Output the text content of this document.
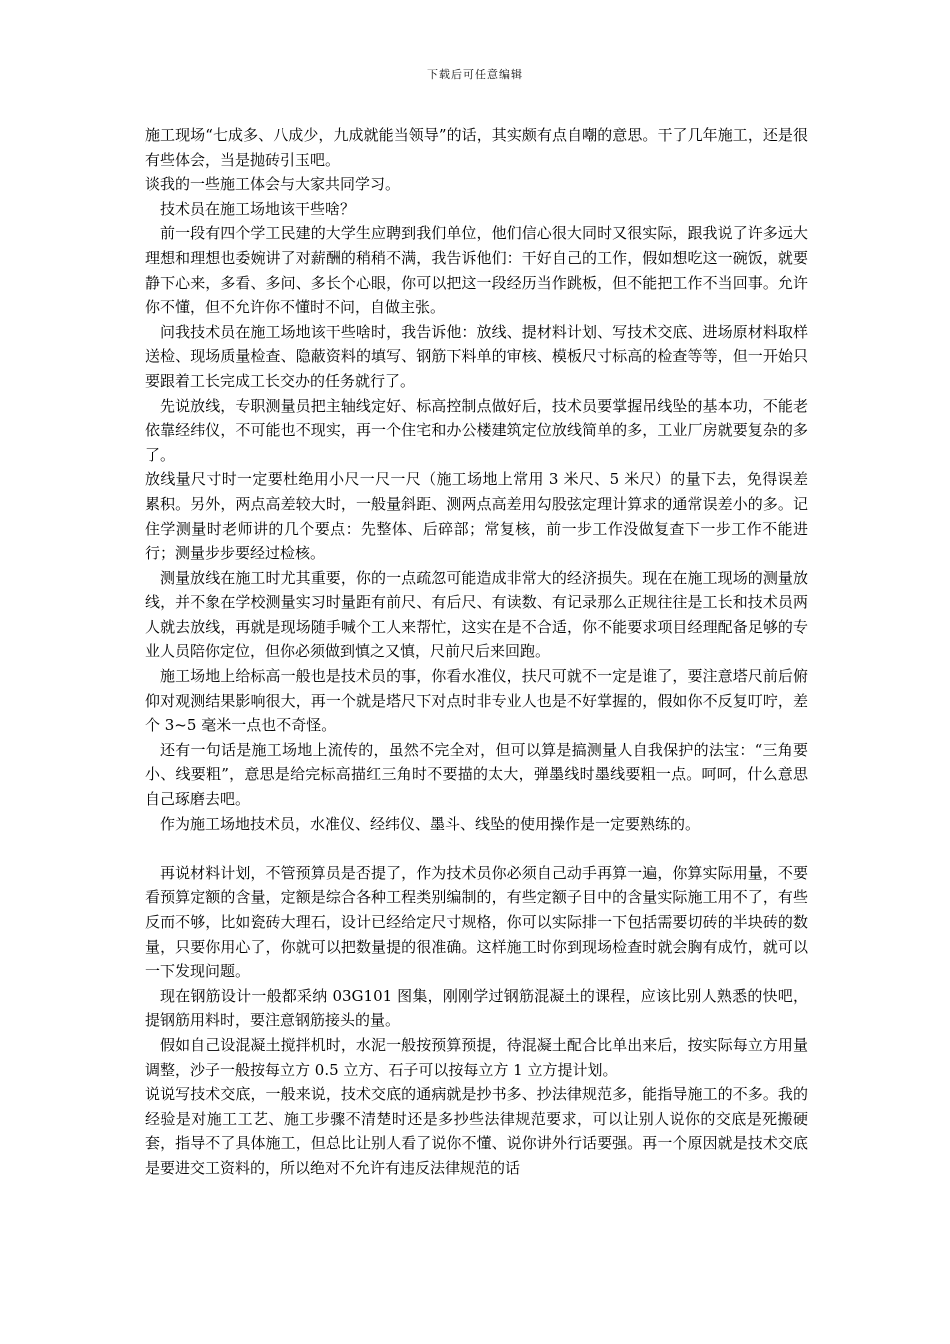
下载后可任意编辑

施工现场“七成多、八成少，九成就能当领导”的话，其实颇有点自嘲的意思。干了几年施工，还是很有些体会，当是抛砖引玉吧。

谈我的一些施工体会与大家共同学习。

技术员在施工场地该干些啥？

前一段有四个学工民建的大学生应聘到我们单位，他们信心很大同时又很实际，跟我说了许多远大理想和理想也委婉讲了对薪酬的稍稍不满，我告诉他们：干好自己的工作，假如想吃这一碗饭，就要静下心来，多看、多问、多长个心眼，你可以把这一段经历当作跳板，但不能把工作不当回事。允许你不懂，但不允许你不懂时不问，自做主张。

问我技术员在施工场地该干些啥时，我告诉他：放线、提材料计划、写技术交底、进场原材料取样送检、现场质量检查、隐蔽资料的填写、钢筋下料单的审核、模板尺寸标高的检查等等，但一开始只要跟着工长完成工长交办的任务就行了。

先说放线，专职测量员把主轴线定好、标高控制点做好后，技术员要掌握吊线坠的基本功，不能老依靠经纬仪，不可能也不现实，再一个住宅和办公楼建筑定位放线简单的多，工业厂房就要复杂的多了。

放线量尺寸时一定要杜绝用小尺一尺一尺（施工场地上常用 3 米尺、5 米尺）的量下去，免得误差累积。另外，两点高差较大时，一般量斜距、测两点高差用勾股弦定理计算求的通常误差小的多。记住学测量时老师讲的几个要点：先整体、后碎部；常复核，前一步工作没做复查下一步工作不能进行；测量步步要经过检核。

测量放线在施工时尤其重要，你的一点疏忽可能造成非常大的经济损失。现在在施工现场的测量放线，并不象在学校测量实习时量距有前尺、有后尺、有读数、有记录那么正规往往是工长和技术员两人就去放线，再就是现场随手喊个工人来帮忙，这实在是不合适，你不能要求项目经理配备足够的专业人员陪你定位，但你必须做到慎之又慎，尺前尺后来回跑。

施工场地上给标高一般也是技术员的事，你看水准仪，扶尺可就不一定是谁了，要注意塔尺前后俯仰对观测结果影响很大，再一个就是塔尺下对点时非专业人也是不好掌握的，假如你不反复叮咛，差个 3~5 毫米一点也不奇怪。

还有一句话是施工场地上流传的，虽然不完全对，但可以算是搞测量人自我保护的法宝：“三角要小、线要粗”，意思是给完标高描红三角时不要描的太大，弹墨线时墨线要粗一点。呵呵，什么意思自己琢磨去吧。

作为施工场地技术员，水准仪、经纬仪、墨斗、线坠的使用操作是一定要熟练的。

再说材料计划，不管预算员是否提了，作为技术员你必须自己动手再算一遍，你算实际用量，不要看预算定额的含量，定额是综合各种工程类别编制的，有些定额子目中的含量实际施工用不了，有些反而不够，比如瓷砖大理石，设计已经给定尺寸规格，你可以实际排一下包括需要切砖的半块砖的数量，只要你用心了，你就可以把数量提的很准确。这样施工时你到现场检查时就会胸有成竹，就可以一下发现问题。

现在钢筋设计一般都采纳 03G101 图集，刚刚学过钢筋混凝土的课程，应该比别人熟悉的快吧，提钢筋用料时，要注意钢筋接头的量。

假如自己设混凝土搅拌机时，水泥一般按预算预提，待混凝土配合比单出来后，按实际每立方用量调整，沙子一般按每立方 0.5 立方、石子可以按每立方 1 立方提计划。

说说写技术交底，一般来说，技术交底的通病就是抄书多、抄法律规范多，能指导施工的不多。我的经验是对施工工艺、施工步骤不清楚时还是多抄些法律规范要求，可以让别人说你的交底是死搬硬套，指导不了具体施工，但总比让别人看了说你不懂、说你讲外行话要强。再一个原因就是技术交底是要进交工资料的，所以绝对不允许有违反法律规范的话
